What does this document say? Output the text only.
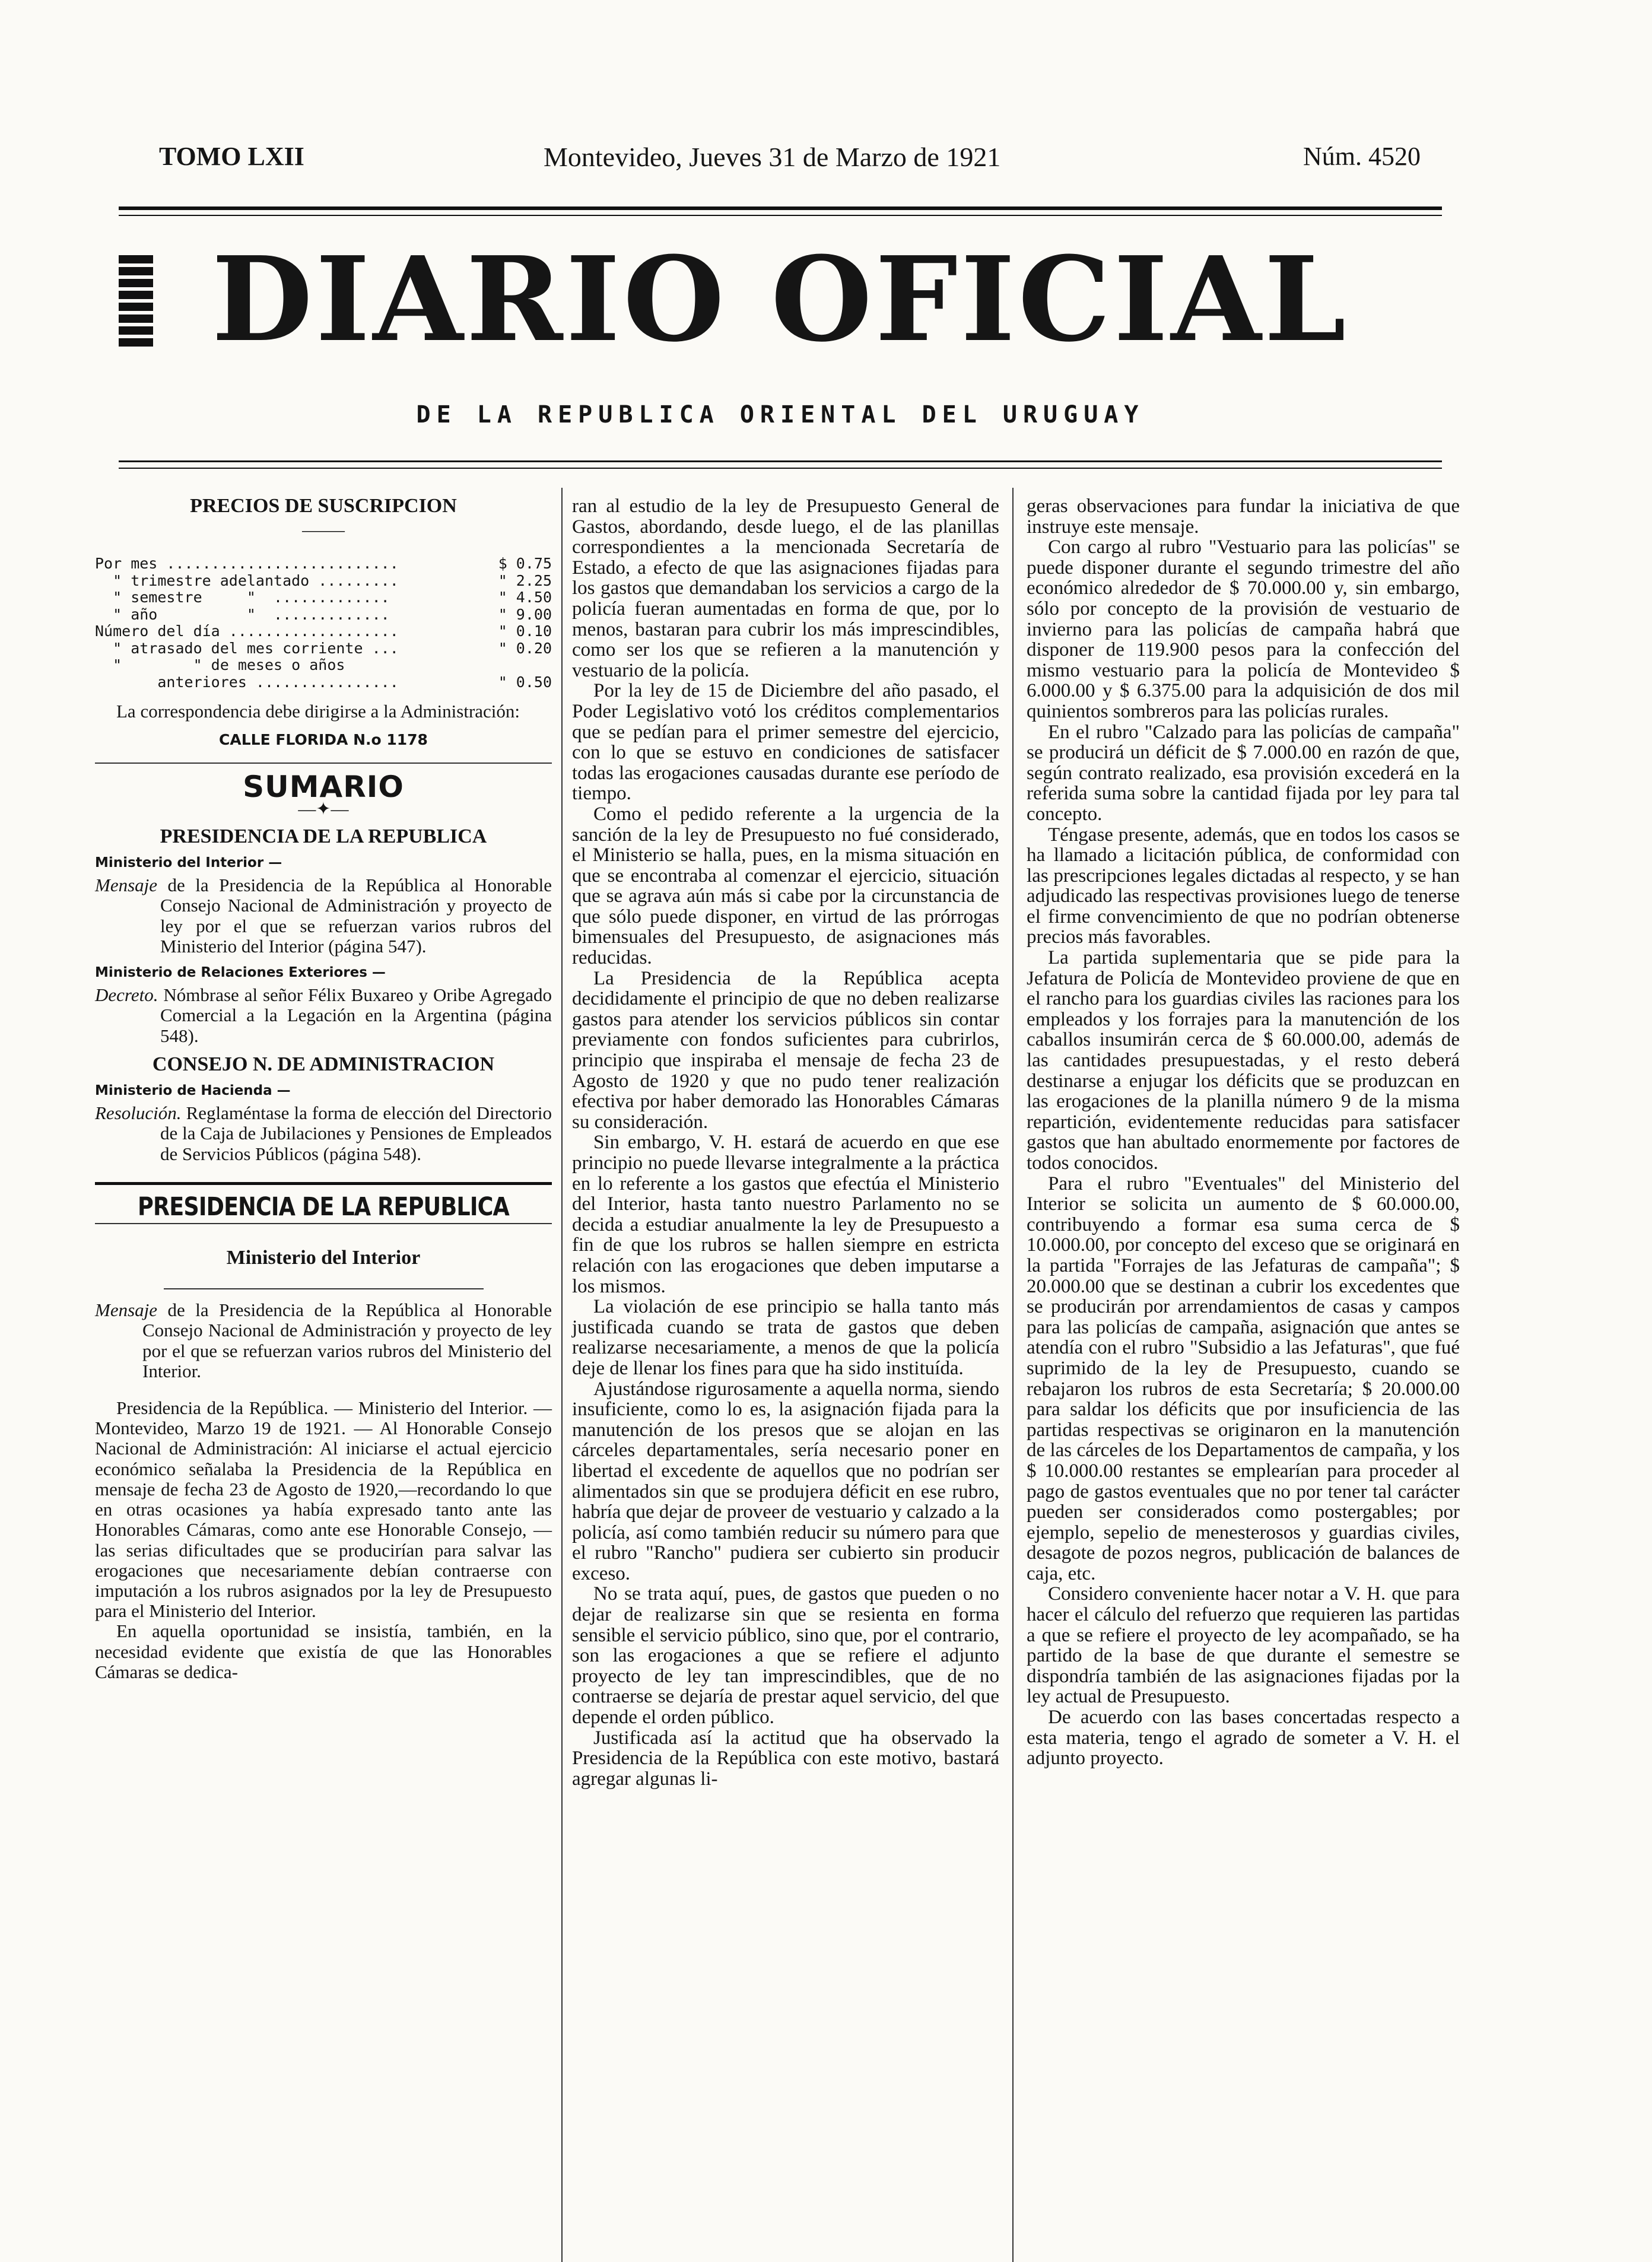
TOMO LXII	Montevideo, Jueves 31 de Marzo de 1921	Núm. 4520
DIARIO OFICIAL
DE LA REPUBLICA ORIENTAL DEL URUGUAY
PRECIOS DE SUSCRIPCION
⸻
Por mes ..........................	$ 0.75
" trimestre adelantado .........	" 2.25
" semestre     "  .............	" 4.50
" año          "  .............	" 9.00
Número del día ...................	" 0.10
" atrasado del mes corriente ...	" 0.20
"        " de meses o años
anteriores ................	" 0.50

La correspondencia debe dirigirse a la Administración:

CALLE FLORIDA N.o 1178
SUMARIO
—✦—
PRESIDENCIA DE LA REPUBLICA
Ministerio del Interior —
Mensaje de la Presidencia de la República al Honorable Consejo Nacional de Administración y proyecto de ley por el que se refuerzan varios rubros del Ministerio del Interior (página 547).
Ministerio de Relaciones Exteriores —
Decreto. Nómbrase al señor Félix Buxareo y Oribe Agregado Comercial a la Legación en la Argentina (página 548).
CONSEJO N. DE ADMINISTRACION
Ministerio de Hacienda —
Resolución. Reglaméntase la forma de elección del Directorio de la Caja de Jubilaciones y Pensiones de Empleados de Servicios Públicos (página 548).
PRESIDENCIA DE LA REPUBLICA
Ministerio del Interior
Mensaje de la Presidencia de la República al Honorable Consejo Nacional de Administración y proyecto de ley por el que se refuerzan varios rubros del Ministerio del Interior.

Presidencia de la República. — Ministerio del Interior. — Montevideo, Marzo 19 de 1921. — Al Honorable Consejo Nacional de Administración: Al iniciarse el actual ejercicio económico señalaba la Presidencia de la República en mensaje de fecha 23 de Agosto de 1920,—recordando lo que en otras ocasiones ya había expresado tanto ante las Honorables Cámaras, como ante ese Honorable Consejo, —las serias dificultades que se producirían para salvar las erogaciones que necesariamente debían contraerse con imputación a los rubros asignados por la ley de Presupuesto para el Ministerio del Interior.

En aquella oportunidad se insistía, también, en la necesidad evidente que existía de que las Honorables Cámaras se dedica-

ran al estudio de la ley de Presupuesto General de Gastos, abordando, desde luego, el de las planillas correspondientes a la mencionada Secretaría de Estado, a efecto de que las asignaciones fijadas para los gastos que demandaban los servicios a cargo de la policía fueran aumentadas en forma de que, por lo menos, bastaran para cubrir los más imprescindibles, como ser los que se refieren a la manutención y vestuario de la policía.

Por la ley de 15 de Diciembre del año pasado, el Poder Legislativo votó los créditos complementarios que se pedían para el primer semestre del ejercicio, con lo que se estuvo en condiciones de satisfacer todas las erogaciones causadas durante ese período de tiempo.

Como el pedido referente a la urgencia de la sanción de la ley de Presupuesto no fué considerado, el Ministerio se halla, pues, en la misma situación en que se encontraba al comenzar el ejercicio, situación que se agrava aún más si cabe por la circunstancia de que sólo puede disponer, en virtud de las prórrogas bimensuales del Presupuesto, de asignaciones más reducidas.

La Presidencia de la República acepta decididamente el principio de que no deben realizarse gastos para atender los servicios públicos sin contar previamente con fondos suficientes para cubrirlos, principio que inspiraba el mensaje de fecha 23 de Agosto de 1920 y que no pudo tener realización efectiva por haber demorado las Honorables Cámaras su consideración.

Sin embargo, V. H. estará de acuerdo en que ese principio no puede llevarse integralmente a la práctica en lo referente a los gastos que efectúa el Ministerio del Interior, hasta tanto nuestro Parlamento no se decida a estudiar anualmente la ley de Presupuesto a fin de que los rubros se hallen siempre en estricta relación con las erogaciones que deben imputarse a los mismos.

La violación de ese principio se halla tanto más justificada cuando se trata de gastos que deben realizarse necesariamente, a menos de que la policía deje de llenar los fines para que ha sido instituída.

Ajustándose rigurosamente a aquella norma, siendo insuficiente, como lo es, la asignación fijada para la manutención de los presos que se alojan en las cárceles departamentales, sería necesario poner en libertad el excedente de aquellos que no podrían ser alimentados sin que se produjera déficit en ese rubro, habría que dejar de proveer de vestuario y calzado a la policía, así como también reducir su número para que el rubro "Rancho" pudiera ser cubierto sin producir exceso.

No se trata aquí, pues, de gastos que pueden o no dejar de realizarse sin que se resienta en forma sensible el servicio público, sino que, por el contrario, son las erogaciones a que se refiere el adjunto proyecto de ley tan imprescindibles, que de no contraerse se dejaría de prestar aquel servicio, del que depende el orden público.

Justificada así la actitud que ha observado la Presidencia de la República con este motivo, bastará agregar algunas li-

geras observaciones para fundar la iniciativa de que instruye este mensaje.

Con cargo al rubro "Vestuario para las policías" se puede disponer durante el segundo trimestre del año económico alrededor de $ 70.000.00 y, sin embargo, sólo por concepto de la provisión de vestuario de invierno para las policías de campaña habrá que disponer de 119.900 pesos para la confección del mismo vestuario para la policía de Montevideo $ 6.000.00 y $ 6.375.00 para la adquisición de dos mil quinientos sombreros para las policías rurales.

En el rubro "Calzado para las policías de campaña" se producirá un déficit de $ 7.000.00 en razón de que, según contrato realizado, esa provisión excederá en la referida suma sobre la cantidad fijada por ley para tal concepto.

Téngase presente, además, que en todos los casos se ha llamado a licitación pública, de conformidad con las prescripciones legales dictadas al respecto, y se han adjudicado las respectivas provisiones luego de tenerse el firme convencimiento de que no podrían obtenerse precios más favorables.

La partida suplementaria que se pide para la Jefatura de Policía de Montevideo proviene de que en el rancho para los guardias civiles las raciones para los empleados y los forrajes para la manutención de los caballos insumirán cerca de $ 60.000.00, además de las cantidades presupuestadas, y el resto deberá destinarse a enjugar los déficits que se produzcan en las erogaciones de la planilla número 9 de la misma repartición, evidentemente reducidas para satisfacer gastos que han abultado enormemente por factores de todos conocidos.

Para el rubro "Eventuales" del Ministerio del Interior se solicita un aumento de $ 60.000.00, contribuyendo a formar esa suma cerca de $ 10.000.00, por concepto del exceso que se originará en la partida "Forrajes de las Jefaturas de campaña"; $ 20.000.00 que se destinan a cubrir los excedentes que se producirán por arrendamientos de casas y campos para las policías de campaña, asignación que antes se atendía con el rubro "Subsidio a las Jefaturas", que fué suprimido de la ley de Presupuesto, cuando se rebajaron los rubros de esta Secretaría; $ 20.000.00 para saldar los déficits que por insuficiencia de las partidas respectivas se originaron en la manutención de las cárceles de los Departamentos de campaña, y los $ 10.000.00 restantes se emplearían para proceder al pago de gastos eventuales que no por tener tal carácter pueden ser considerados como postergables; por ejemplo, sepelio de menesterosos y guardias civiles, desagote de pozos negros, publicación de balances de caja, etc.

Considero conveniente hacer notar a V. H. que para hacer el cálculo del refuerzo que requieren las partidas a que se refiere el proyecto de ley acompañado, se ha partido de la base de que durante el semestre se dispondría también de las asignaciones fijadas por la ley actual de Presupuesto.

De acuerdo con las bases concertadas respecto a esta materia, tengo el agrado de someter a V. H. el adjunto proyecto.
